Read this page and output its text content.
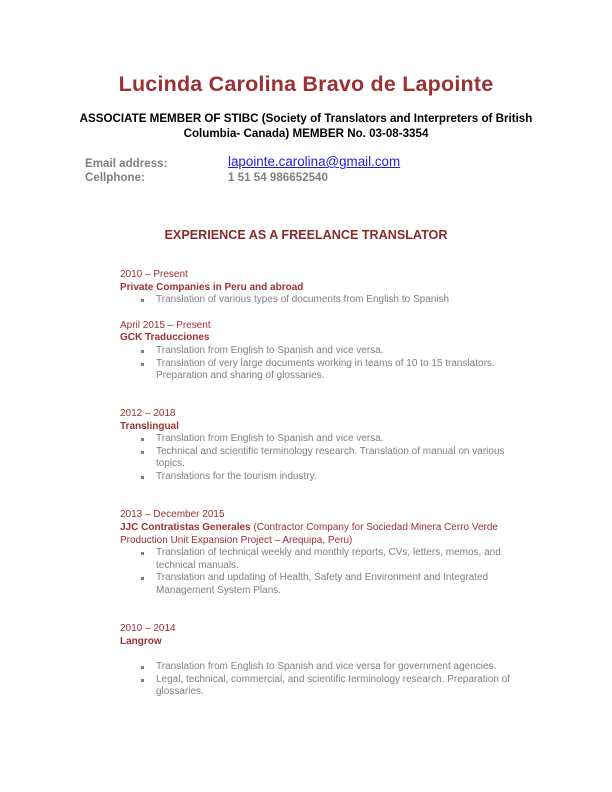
Lucinda Carolina Bravo de Lapointe
ASSOCIATE MEMBER OF STIBC (Society of Translators and Interpreters of British Columbia- Canada) MEMBER No. 03-08-3354
Email address:	lapointe.carolina@gmail.com
Cellphone:	1 51 54 986652540
EXPERIENCE AS A FREELANCE TRANSLATOR
2010 – Present
Private Companies in Peru and abroad
Translation of various types of documents from English to Spanish
April 2015 – Present
GCK Traducciones
Translation from English to Spanish and vice versa.
Translation of very large documents working in teams of 10 to 15 translators. Preparation and sharing of glossaries.
2012 – 2018
Translingual
Translation from English to Spanish and vice versa.
Technical and scientific terminology research. Translation of manual on various topics.
Translations for the tourism industry.
2013 – December 2015
JJC Contratistas Generales (Contractor Company for Sociedad Minera Cerro Verde Production Unit Expansion Project – Arequipa, Peru)
Translation of technical weekly and monthly reports, CVs, letters, memos, and technical manuals.
Translation and updating of Health, Safety and Environment and Integrated Management System Plans.
2010 – 2014
Langrow
Translation from English to Spanish and vice versa for government agencies.
Legal, technical, commercial, and scientific terminology research. Preparation of glossaries.
